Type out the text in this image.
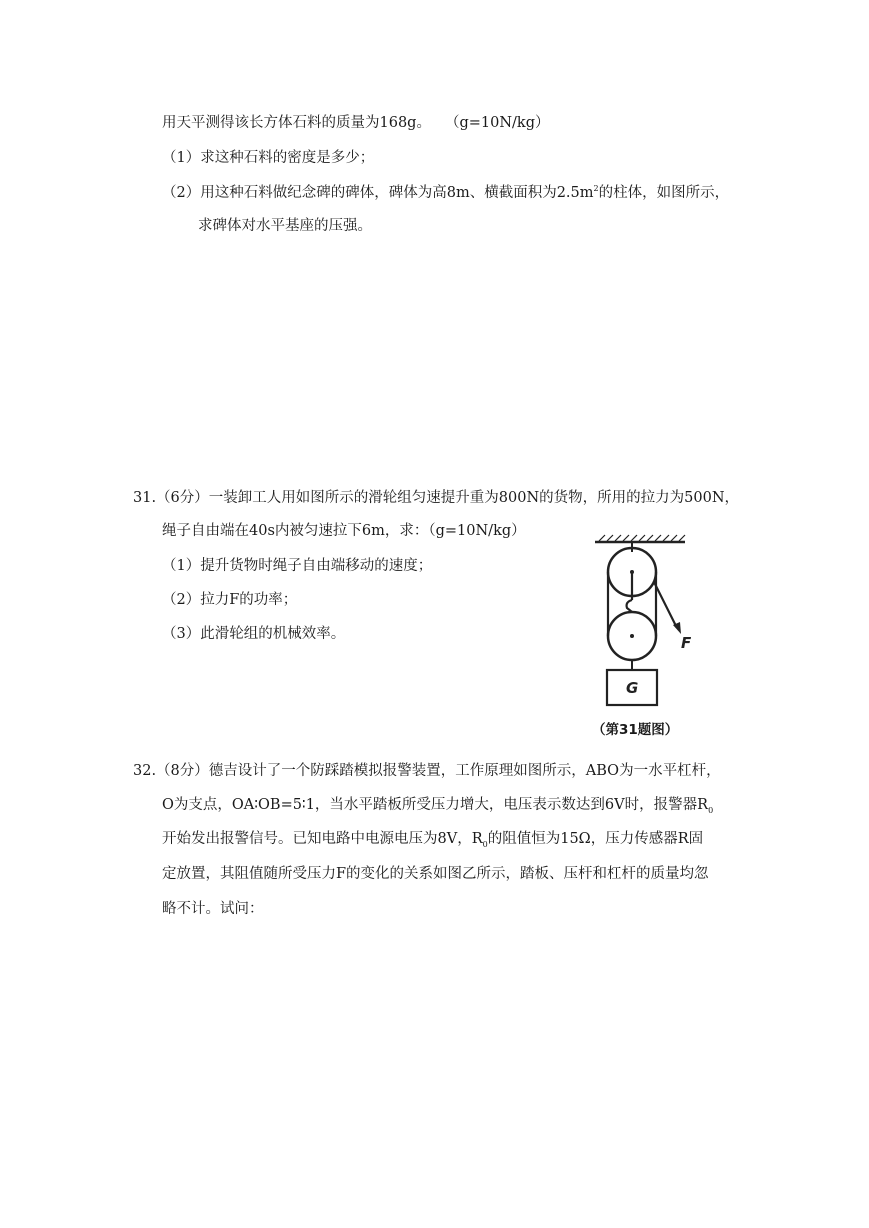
用天平测得该长方体石料的质量为168g。 （g=10N/kg）
（1）求这种石料的密度是多少；
（2）用这种石料做纪念碑的碑体，碑体为高8m、横截面积为$2.5m^2$的柱体，如图所示，
求碑体对水平基座的压强。
31.（6分）一装卸工人用如图所示的滑轮组匀速提升重为800N的货物，所用的拉力为500N，
绳子自由端在40s内被匀速拉下6m，求：（g=10N/kg）
（1）提升货物时绳子自由端移动的速度；
（2）拉力F的功率；
（3）此滑轮组的机械效率。	F
G
（第31题图）
32.（8分）德吉设计了一个防踩踏模拟报警装置，工作原理如图所示，ABO为一水平杠杆，
O为支点，OA∶OB=5∶1，当水平踏板所受压力增大，电压表示数达到6V时，报警器$R_0$
开始发出报警信号。已知电路中电源电压为8V，$R_0$的阻值恒为15Ω，压力传感器R固
定放置，其阻值随所受压力F的变化的关系如图乙所示，踏板、压杆和杠杆的质量均忽
略不计。试问：
